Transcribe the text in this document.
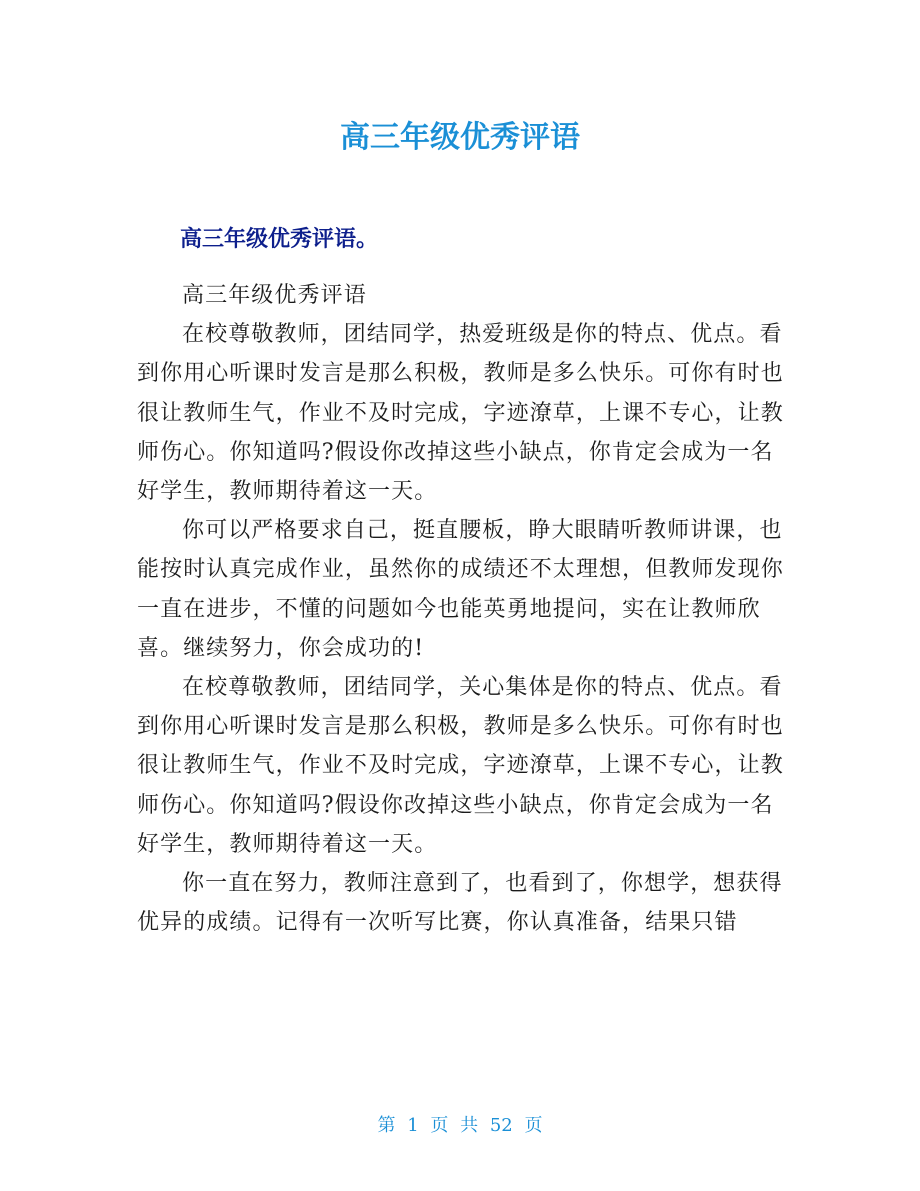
高三年级优秀评语
高三年级优秀评语。

高三年级优秀评语

在校尊敬教师，团结同学，热爱班级是你的特点、优点。看到你用心听课时发言是那么积极，教师是多么快乐。可你有时也很让教师生气，作业不及时完成，字迹潦草，上课不专心，让教师伤心。你知道吗?假设你改掉这些小缺点，你肯定会成为一名好学生，教师期待着这一天。

你可以严格要求自己，挺直腰板，睁大眼睛听教师讲课，也能按时认真完成作业，虽然你的成绩还不太理想，但教师发现你一直在进步，不懂的问题如今也能英勇地提问，实在让教师欣喜。继续努力，你会成功的!

在校尊敬教师，团结同学，关心集体是你的特点、优点。看到你用心听课时发言是那么积极，教师是多么快乐。可你有时也很让教师生气，作业不及时完成，字迹潦草，上课不专心，让教师伤心。你知道吗?假设你改掉这些小缺点，你肯定会成为一名好学生，教师期待着这一天。

你一直在努力，教师注意到了，也看到了，你想学，想获得优异的成绩。记得有一次听写比赛，你认真准备，结果只错

第 1 页 共 52 页
